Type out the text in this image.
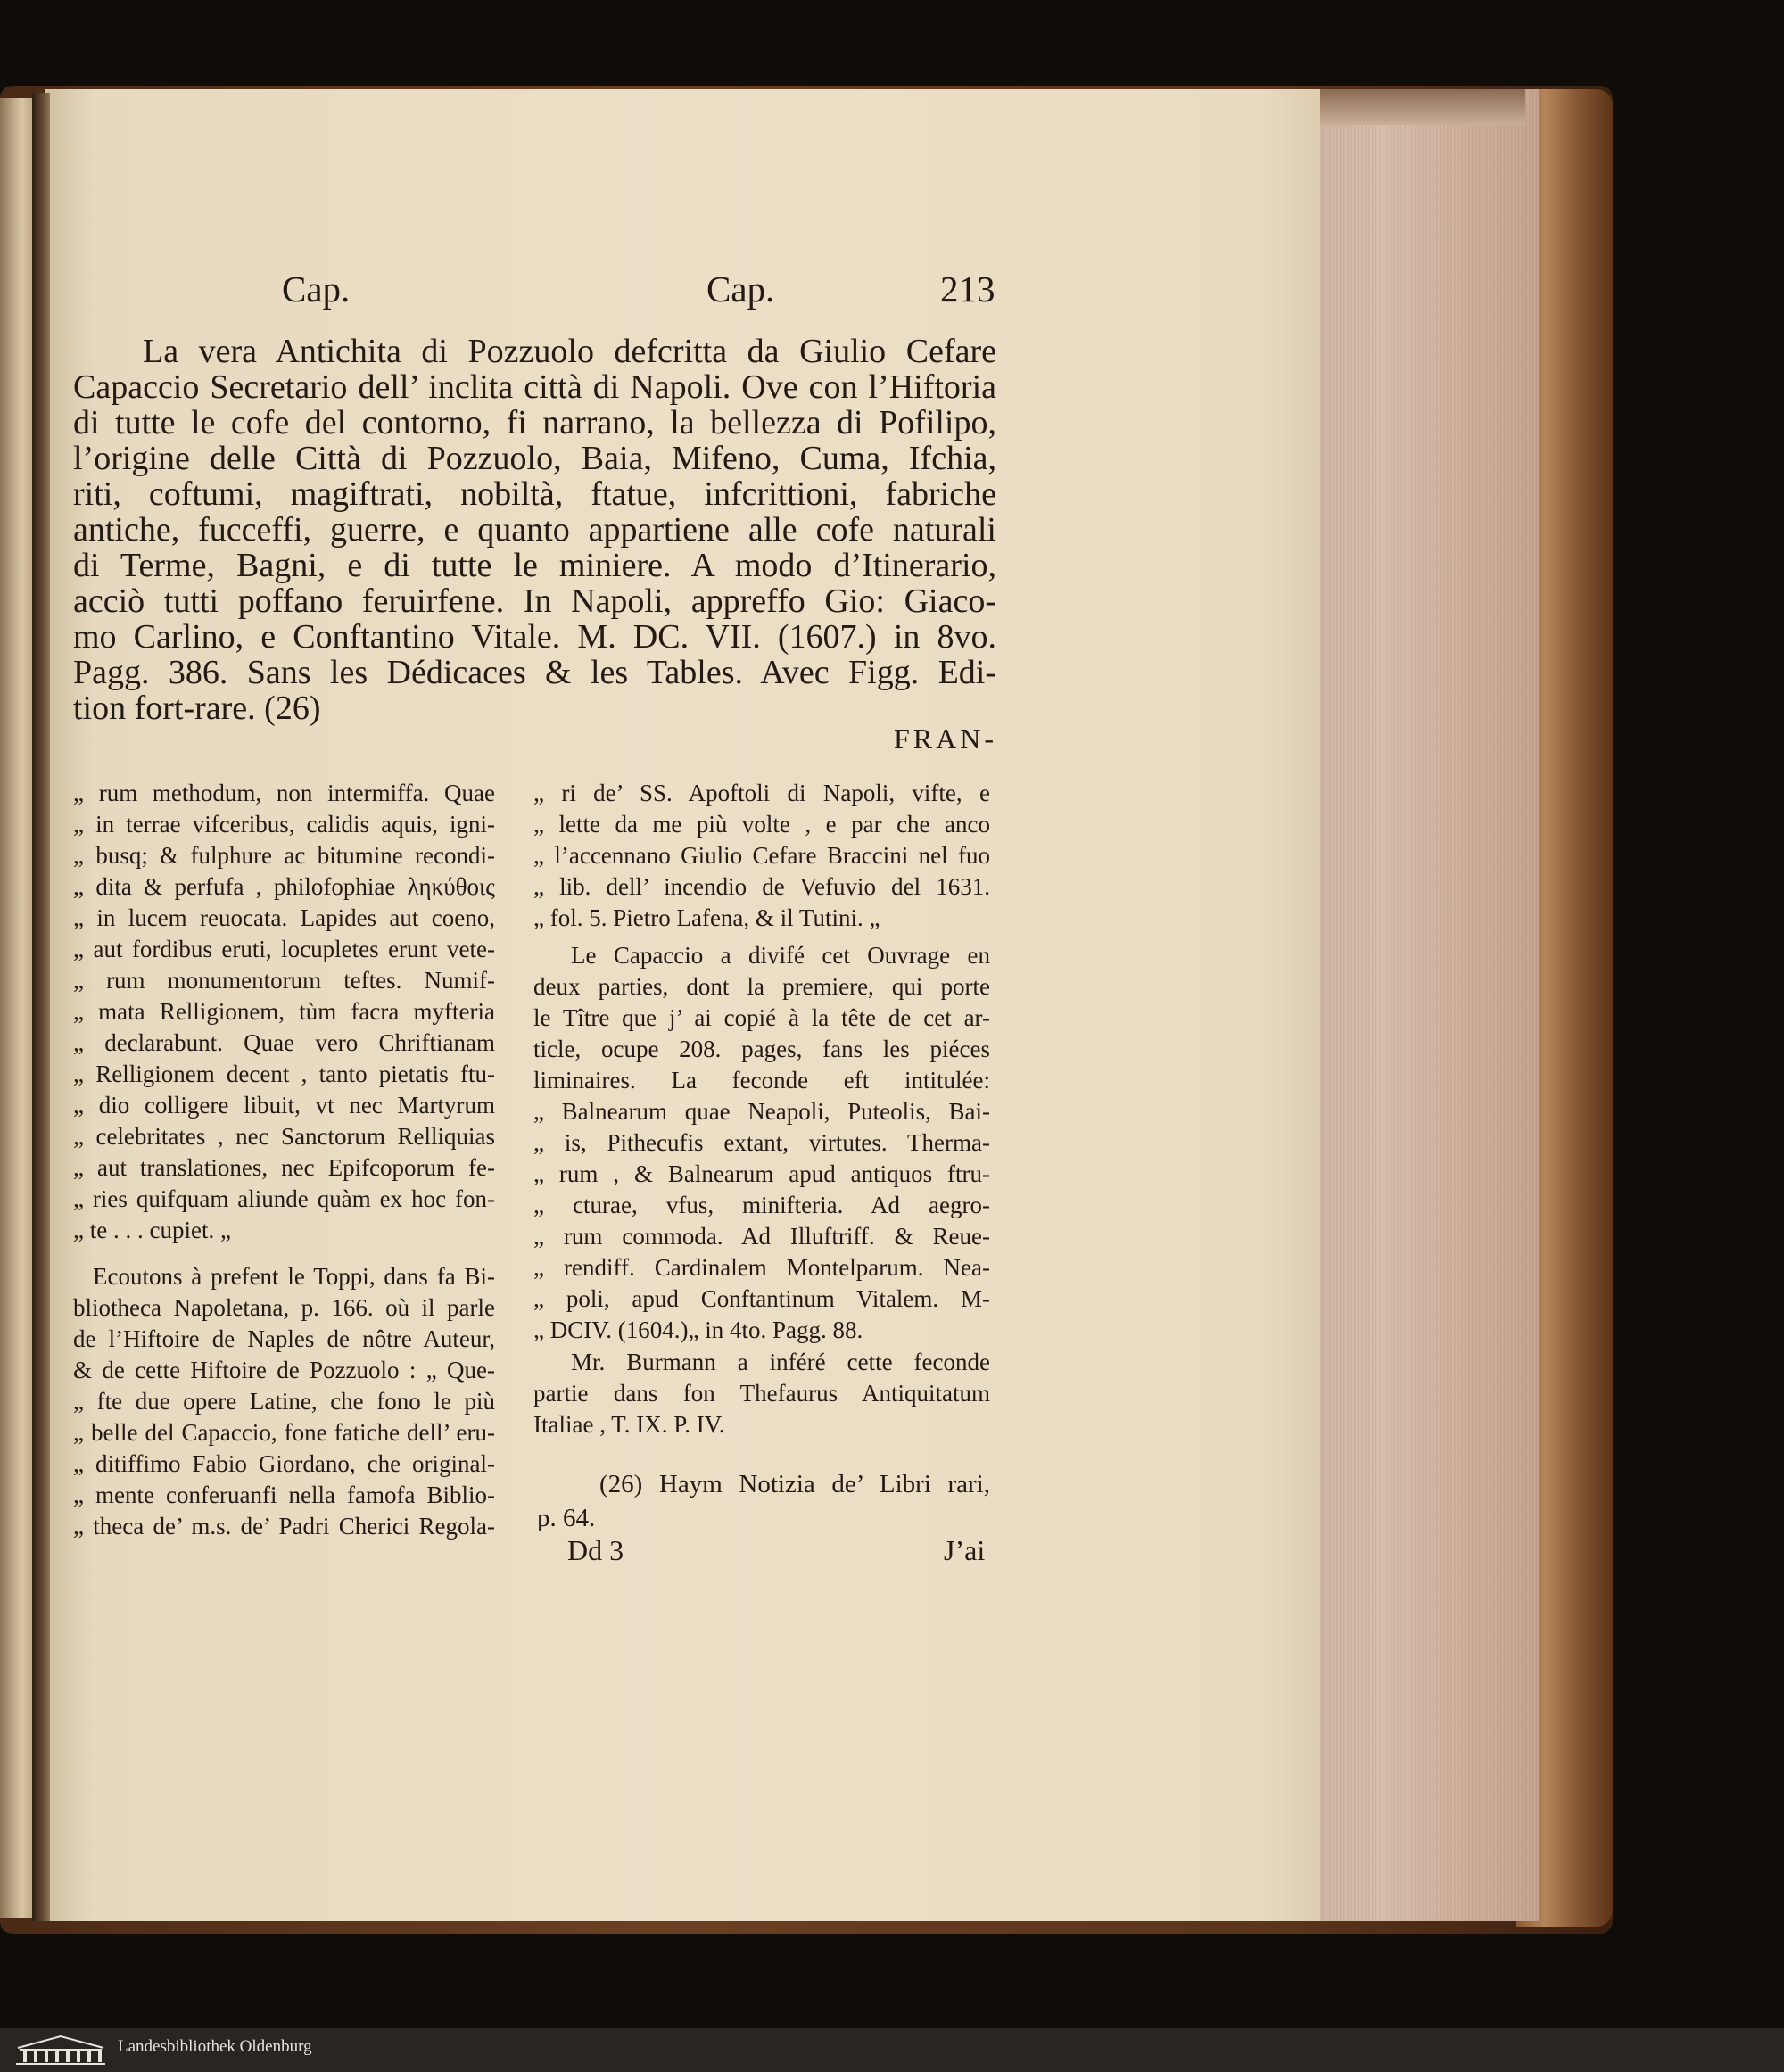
Cap.	Cap.	213
La vera Antichita di Pozzuolo defcritta da Giulio Cefare
Capaccio Secretario dell’ inclita città di Napoli. Ove con l’Hiftoria
di tutte le cofe del contorno, fi narrano, la bellezza di Pofilipo,
l’origine delle Città di Pozzuolo, Baia, Mifeno, Cuma, Ifchia,
riti, coftumi, magiftrati, nobiltà, ftatue, infcrittioni, fabriche
antiche, fucceffi, guerre, e quanto appartiene alle cofe naturali
di Terme, Bagni, e di tutte le miniere. A modo d’Itinerario,
acciò tutti poffano feruirfene. In Napoli, appreffo Gio: Giaco-
mo Carlino, e Conftantino Vitale. M. DC. VII. (1607.) in 8vo.
Pagg. 386. Sans les Dédicaces & les Tables. Avec Figg. Edi-
tion fort-rare. (26)
FRAN-
„ rum methodum, non intermiffa. Quae
„ in terrae vifceribus, calidis aquis, igni-
„ busq; & fulphure ac bitumine recondi-
„ dita & perfufa , philofophiae ληκύθοις
„ in lucem reuocata. Lapides aut coeno,
„ aut fordibus eruti, locupletes erunt vete-
„ rum monumentorum teftes. Numif-
„ mata Relligionem, tùm facra myfteria
„ declarabunt. Quae vero Chriftianam
„ Relligionem decent , tanto pietatis ftu-
„ dio colligere libuit, vt nec Martyrum
„ celebritates , nec Sanctorum Relliquias
„ aut translationes, nec Epifcoporum fe-
„ ries quifquam aliunde quàm ex hoc fon-
„ te . . . cupiet. „
Ecoutons à prefent le Toppi, dans fa Bi-
bliotheca Napoletana, p. 166. où il parle
de l’Hiftoire de Naples de nôtre Auteur,
& de cette Hiftoire de Pozzuolo : „ Que-
„ fte due opere Latine, che fono le più
„ belle del Capaccio, fone fatiche dell’ eru-
„ ditiffimo Fabio Giordano, che original-
„ mente conferuanfi nella famofa Biblio-
„ theca de’ m.s. de’ Padri Cherici Regola-
„ ri de’ SS. Apoftoli di Napoli, vifte, e
„ lette da me più volte , e par che anco
„ l’accennano Giulio Cefare Braccini nel fuo
„ lib. dell’ incendio de Vefuvio del 1631.
„ fol. 5. Pietro Lafena, & il Tutini. „
Le Capaccio a divifé cet Ouvrage en
deux parties, dont la premiere, qui porte
le Tître que j’ ai copié à la tête de cet ar-
ticle, ocupe 208. pages, fans les piéces
liminaires. La feconde eft intitulée:
„ Balnearum quae Neapoli, Puteolis, Bai-
„ is, Pithecufis extant, virtutes. Therma-
„ rum , & Balnearum apud antiquos ftru-
„ cturae, vfus, minifteria. Ad aegro-
„ rum commoda. Ad Illuftriff. & Reue-
„ rendiff. Cardinalem Montelparum. Nea-
„ poli, apud Conftantinum Vitalem. M-
„ DCIV. (1604.)„ in 4to. Pagg. 88.
Mr. Burmann a inféré cette feconde
partie dans fon Thefaurus Antiquitatum
Italiae , T. IX. P. IV.
(26) Haym Notizia de’ Libri rari,
p. 64.
Dd 3	J’ai
Landesbibliothek Oldenburg
